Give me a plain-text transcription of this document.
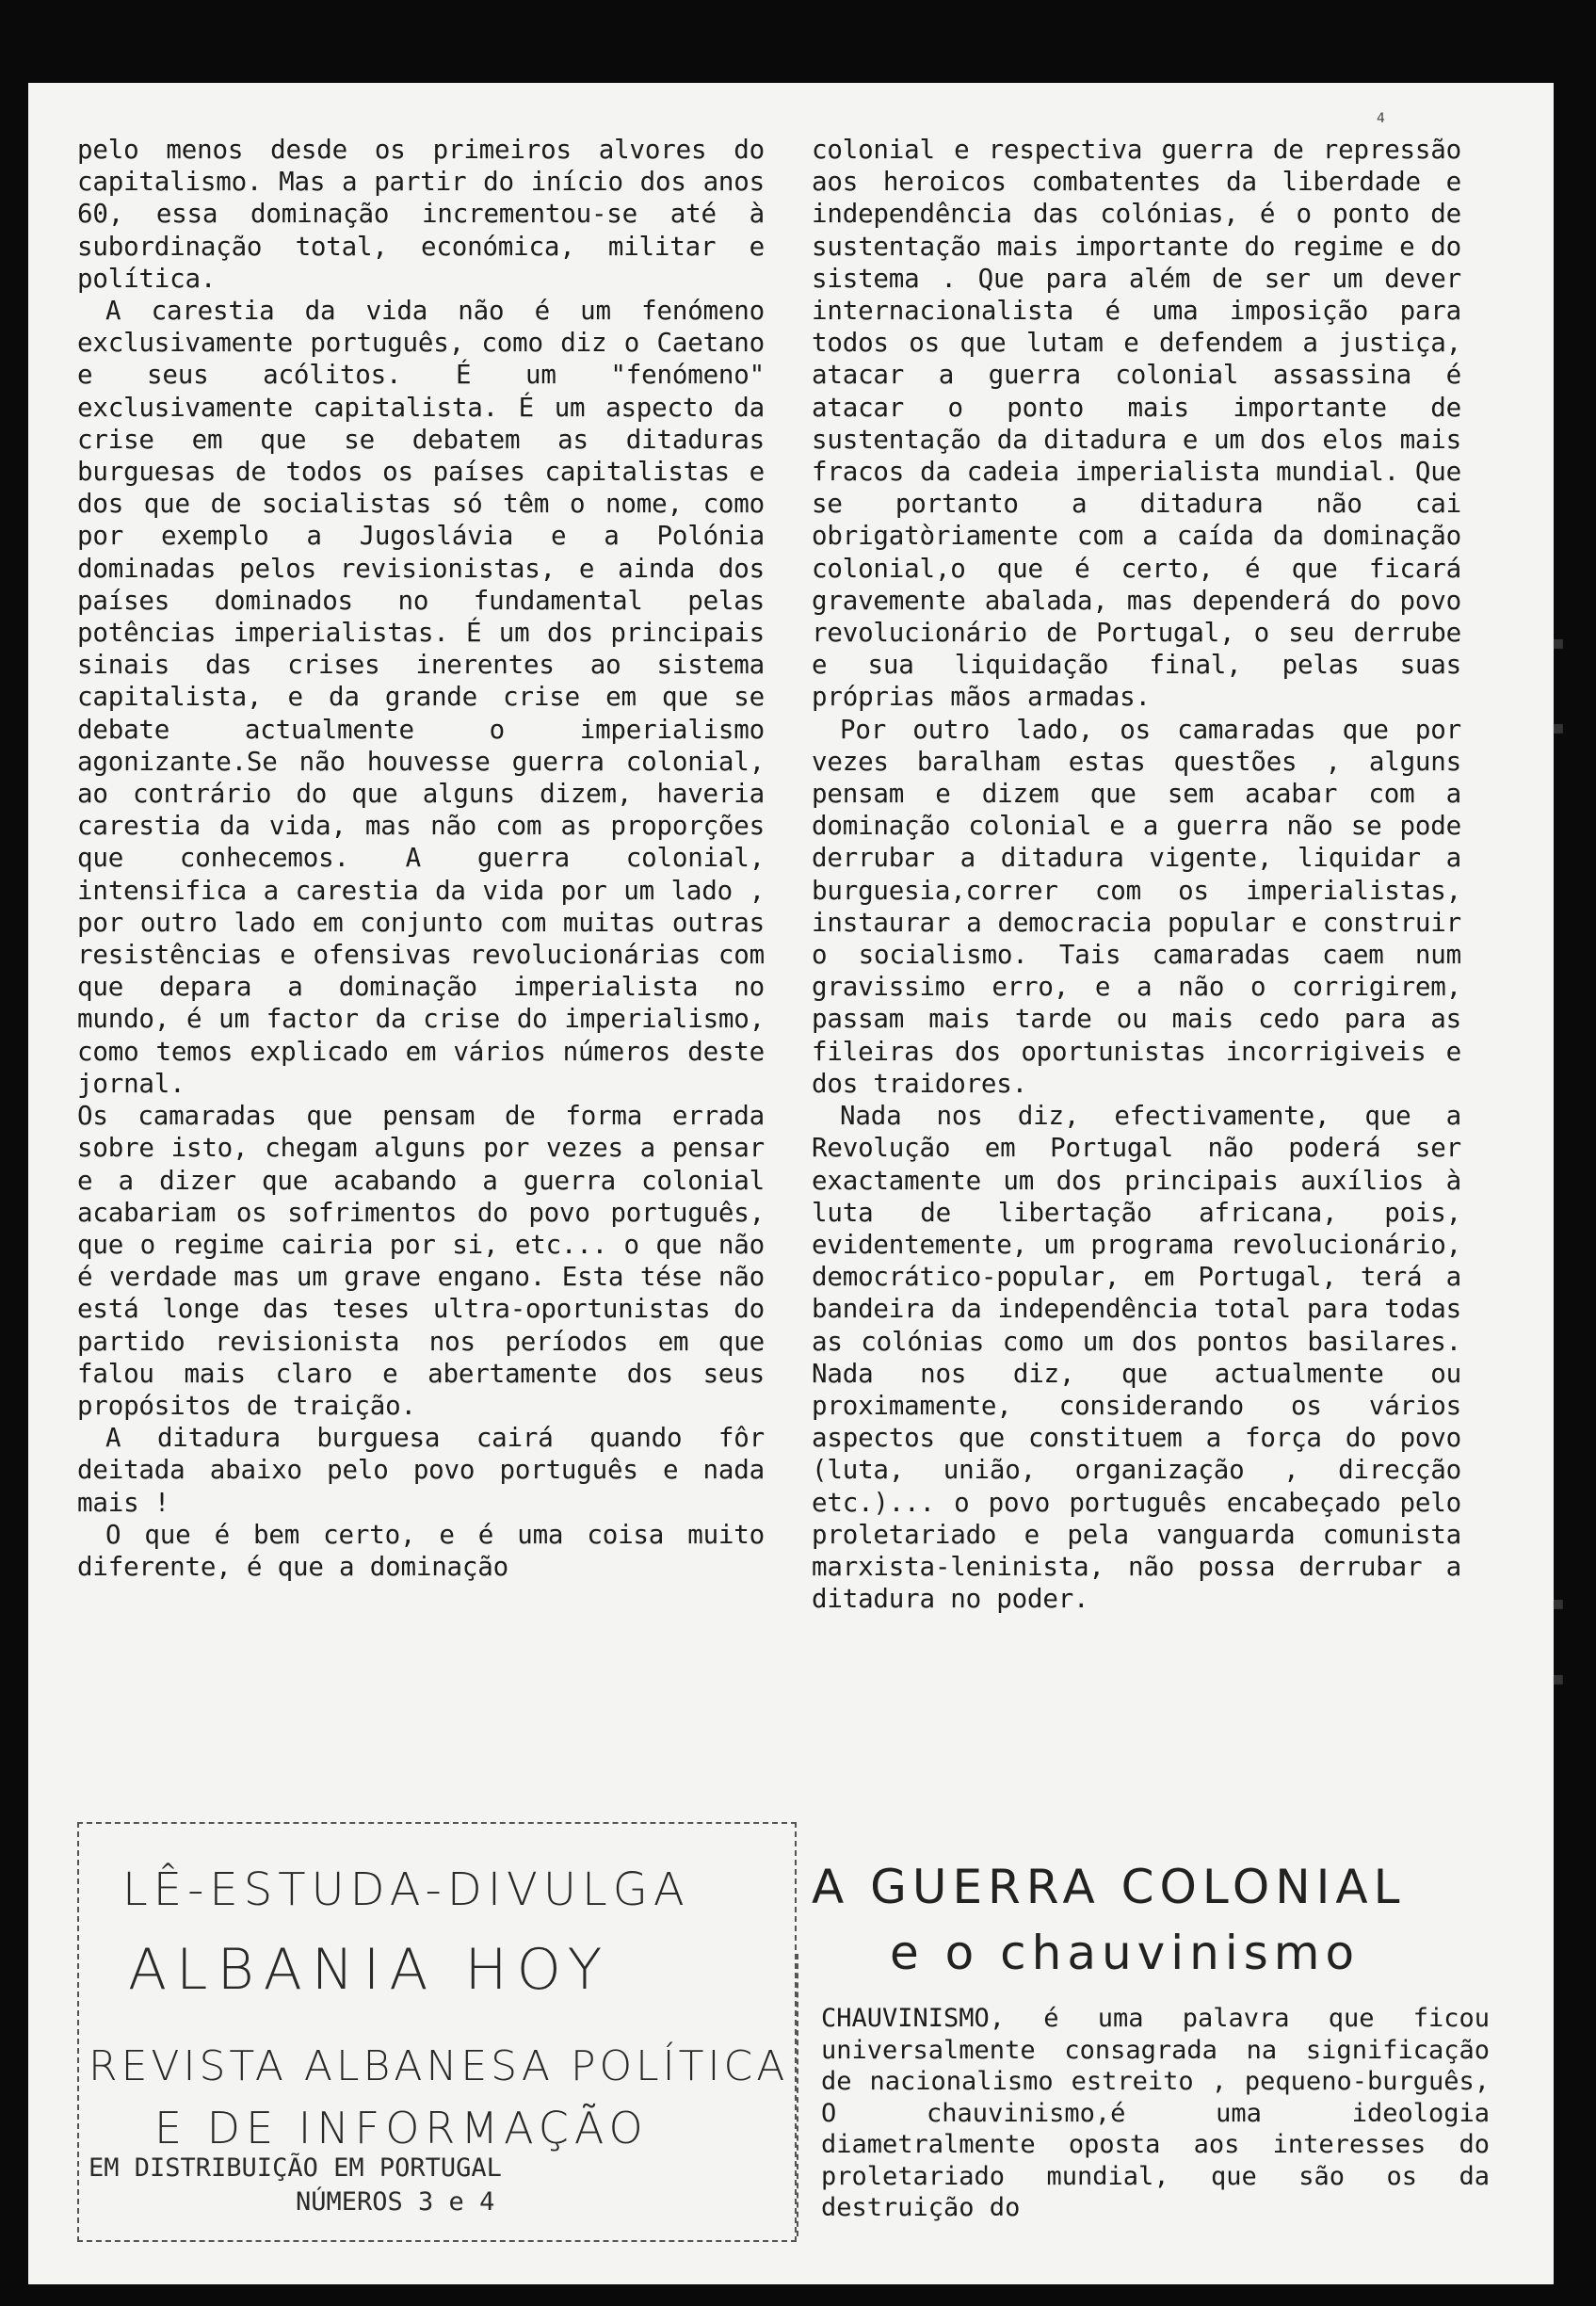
4

pelo menos desde os primeiros alvores do capitalismo. Mas a partir do início dos anos 60, essa dominação incrementou-se até à subordinação total, económica, militar e política.

A carestia da vida não é um fenómeno exclusivamente português, como diz o Caetano e seus acólitos. É um "fenómeno" exclusivamente capitalista. É um aspecto da crise em que se debatem as ditaduras burguesas de todos os países capitalistas e dos que de socialistas só têm o nome, como por exemplo a Jugoslávia e a Polónia dominadas pelos revisionistas, e ainda dos países dominados no fundamental pelas potências imperialistas. É um dos principais sinais das crises inerentes ao sistema capitalista, e da grande crise em que se debate actualmente o imperialismo agonizante.Se não houvesse guerra colonial, ao contrário do que alguns dizem, haveria carestia da vida, mas não com as proporções que conhecemos. A guerra colonial, intensifica a carestia da vida por um lado , por outro lado em conjunto com muitas outras resistências e ofensivas revolucionárias com que depara a dominação imperialista no mundo, é um factor da crise do imperialismo, como temos explicado em vários números deste jornal.

Os camaradas que pensam de forma errada sobre isto, chegam alguns por vezes a pensar e a dizer que acabando a guerra colonial acabariam os sofrimentos do povo português, que o regime cairia por si, etc... o que não é verdade mas um grave engano. Esta tése não está longe das teses ultra-oportunistas do partido revisionista nos períodos em que falou mais claro e abertamente dos seus propósitos de traição.

A ditadura burguesa cairá quando fôr deitada abaixo pelo povo português e nada mais !

O que é bem certo, e é uma coisa muito diferente, é que a dominação

colonial e respectiva guerra de repressão aos heroicos combatentes da liberdade e independência das colónias, é o ponto de sustentação mais importante do regime e do sistema . Que para além de ser um dever internacionalista é uma imposição para todos os que lutam e defendem a justiça, atacar a guerra colonial assassina é atacar o ponto mais importante de sustentação da ditadura e um dos elos mais fracos da cadeia imperialista mundial. Que se portanto a ditadura não cai obrigatòriamente com a caída da dominação colonial,o que é certo, é que ficará gravemente abalada, mas dependerá do povo revolucionário de Portugal, o seu derrube e sua liquidação final, pelas suas próprias mãos armadas.

Por outro lado, os camaradas que por vezes baralham estas questões , alguns pensam e dizem que sem acabar com a dominação colonial e a guerra não se pode derrubar a ditadura vigente, liquidar a burguesia,correr com os imperialistas, instaurar a democracia popular e construir o socialismo. Tais camaradas caem num gravissimo erro, e a não o corrigirem, passam mais tarde ou mais cedo para as fileiras dos oportunistas incorrigiveis e dos traidores.

Nada nos diz, efectivamente, que a Revolução em Portugal não poderá ser exactamente um dos principais auxílios à luta de libertação africana, pois, evidentemente, um programa revolucionário, democrático-popular, em Portugal, terá a bandeira da independência total para todas as colónias como um dos pontos basilares. Nada nos diz, que actualmente ou proximamente, considerando os vários aspectos que constituem a força do povo (luta, união, organização , direcção etc.)... o povo português encabeçado pelo proletariado e pela vanguarda comunista marxista-leninista, não possa derrubar a ditadura no poder.

LÊ-ESTUDA-DIVULGA
ALBANIA HOY
REVISTA ALBANESA POLÍTICA
E DE INFORMAÇÃO
EM DISTRIBUIÇÃO EM PORTUGAL
NÚMEROS 3 e 4
A GUERRA COLONIAL
e o chauvinismo

CHAUVINISMO, é uma palavra que ficou universalmente consagrada na significação de nacionalismo estreito , pequeno-burguês, O chauvinismo,é uma ideologia diametralmente oposta aos interesses do proletariado mundial, que são os da destruição do

▪
▪
▪
▪
